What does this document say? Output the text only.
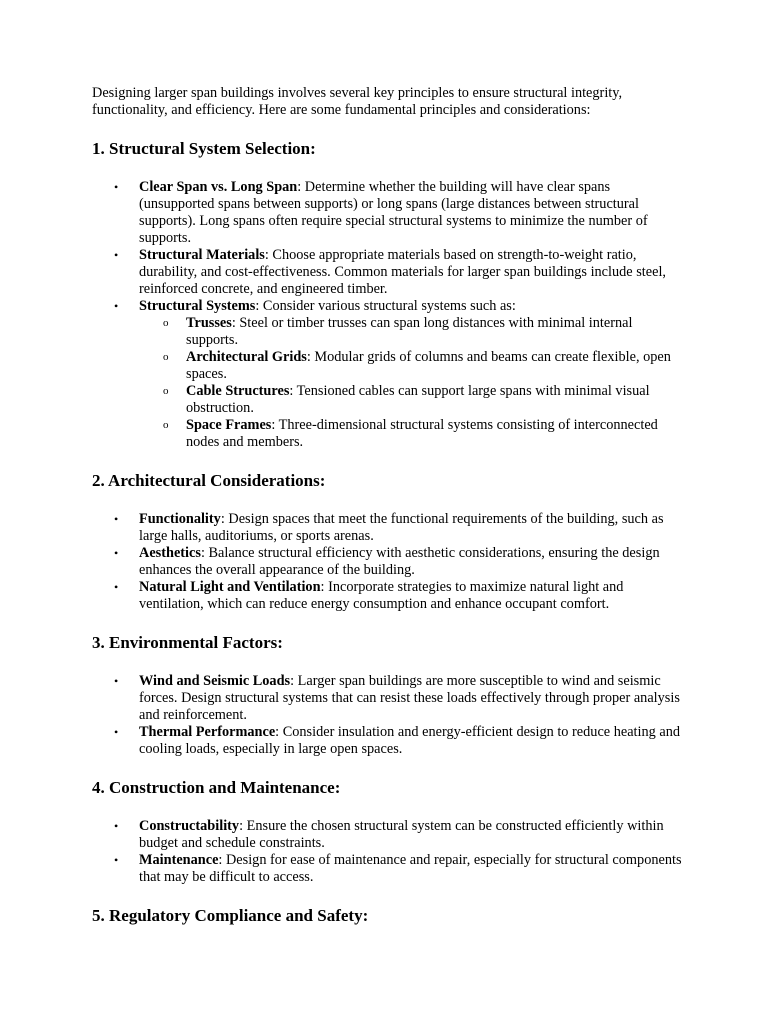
Designing larger span buildings involves several key principles to ensure structural integrity, functionality, and efficiency. Here are some fundamental principles and considerations:

1. Structural System Selection:
• Clear Span vs. Long Span: Determine whether the building will have clear spans (unsupported spans between supports) or long spans (large distances between structural supports). Long spans often require special structural systems to minimize the number of supports.
• Structural Materials: Choose appropriate materials based on strength-to-weight ratio, durability, and cost-effectiveness. Common materials for larger span buildings include steel, reinforced concrete, and engineered timber.
• Structural Systems: Consider various structural systems such as:
o Trusses: Steel or timber trusses can span long distances with minimal internal supports.
o Architectural Grids: Modular grids of columns and beams can create flexible, open spaces.
o Cable Structures: Tensioned cables can support large spans with minimal visual obstruction.
o Space Frames: Three-dimensional structural systems consisting of interconnected nodes and members.
2. Architectural Considerations:
• Functionality: Design spaces that meet the functional requirements of the building, such as large halls, auditoriums, or sports arenas.
• Aesthetics: Balance structural efficiency with aesthetic considerations, ensuring the design enhances the overall appearance of the building.
• Natural Light and Ventilation: Incorporate strategies to maximize natural light and ventilation, which can reduce energy consumption and enhance occupant comfort.
3. Environmental Factors:
• Wind and Seismic Loads: Larger span buildings are more susceptible to wind and seismic forces. Design structural systems that can resist these loads effectively through proper analysis and reinforcement.
• Thermal Performance: Consider insulation and energy-efficient design to reduce heating and cooling loads, especially in large open spaces.
4. Construction and Maintenance:
• Constructability: Ensure the chosen structural system can be constructed efficiently within budget and schedule constraints.
• Maintenance: Design for ease of maintenance and repair, especially for structural components that may be difficult to access.
5. Regulatory Compliance and Safety:
